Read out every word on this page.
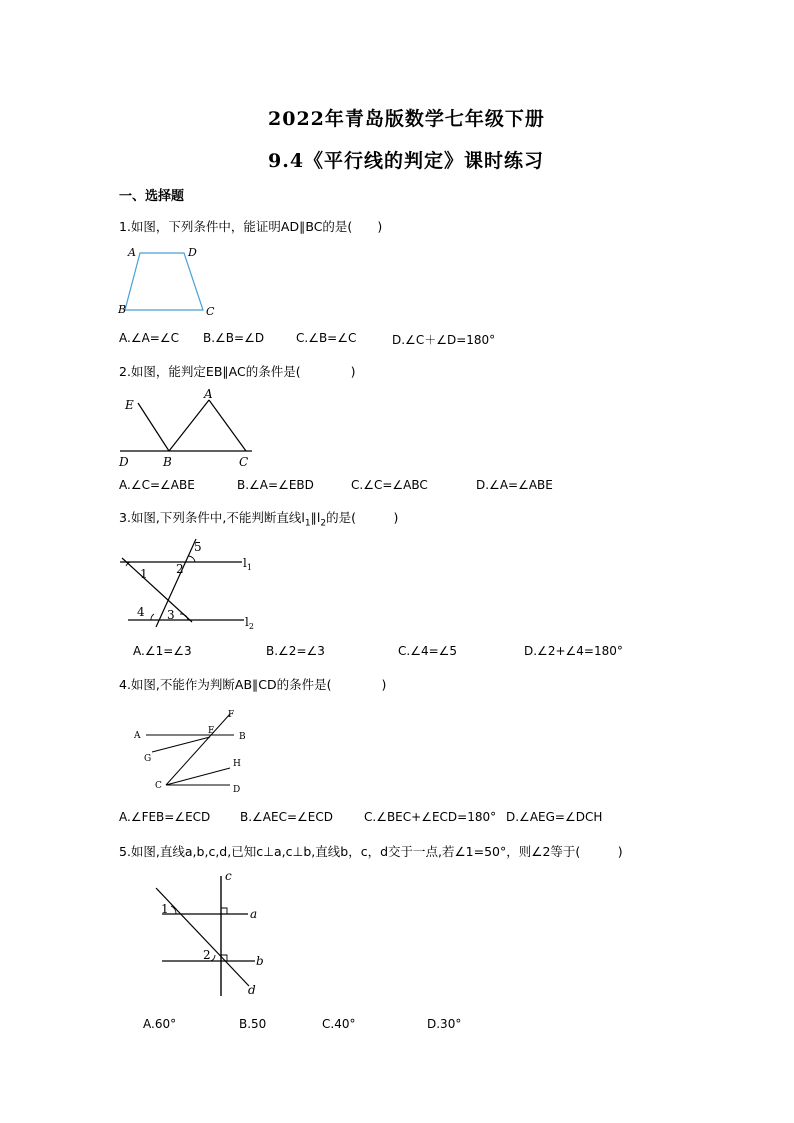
2022年青岛版数学七年级下册
9.4《平行线的判定》课时练习
一、选择题
1.如图，下列条件中，能证明AD∥BC的是(　　)
A	D
B	C
A.∠A=∠C B.∠B=∠D	C.∠B=∠C	D.∠C＋∠D=180°
2.如图，能判定EB∥AC的条件是(　　　　)
E
A
D	B	C
A.∠C=∠ABE	B.∠A=∠EBD	C.∠C=∠ABC	D.∠A=∠ABE
3.如图,下列条件中,不能判断直线$l_1\parallel l_2$的是(　　　)
1 2
5
4 3
$l_1$
$l_2$
A.∠1=∠3	B.∠2=∠3	C.∠4=∠5	D.∠2+∠4=180°
4.如图,不能作为判断AB∥CD的条件是(　　　　)
A	B
E
F
G	H
C	D
A.∠FEB=∠ECD B.∠AEC=∠ECD	C.∠BEC+∠ECD=180° D.∠AEG=∠DCH
5.如图,直线a,b,c,d,已知c⊥a,c⊥b,直线b，c，d交于一点,若∠1=50°，则∠2等于(　　　)
c
a
b
d
1
2
A.60°	B.50	C.40°	D.30°
